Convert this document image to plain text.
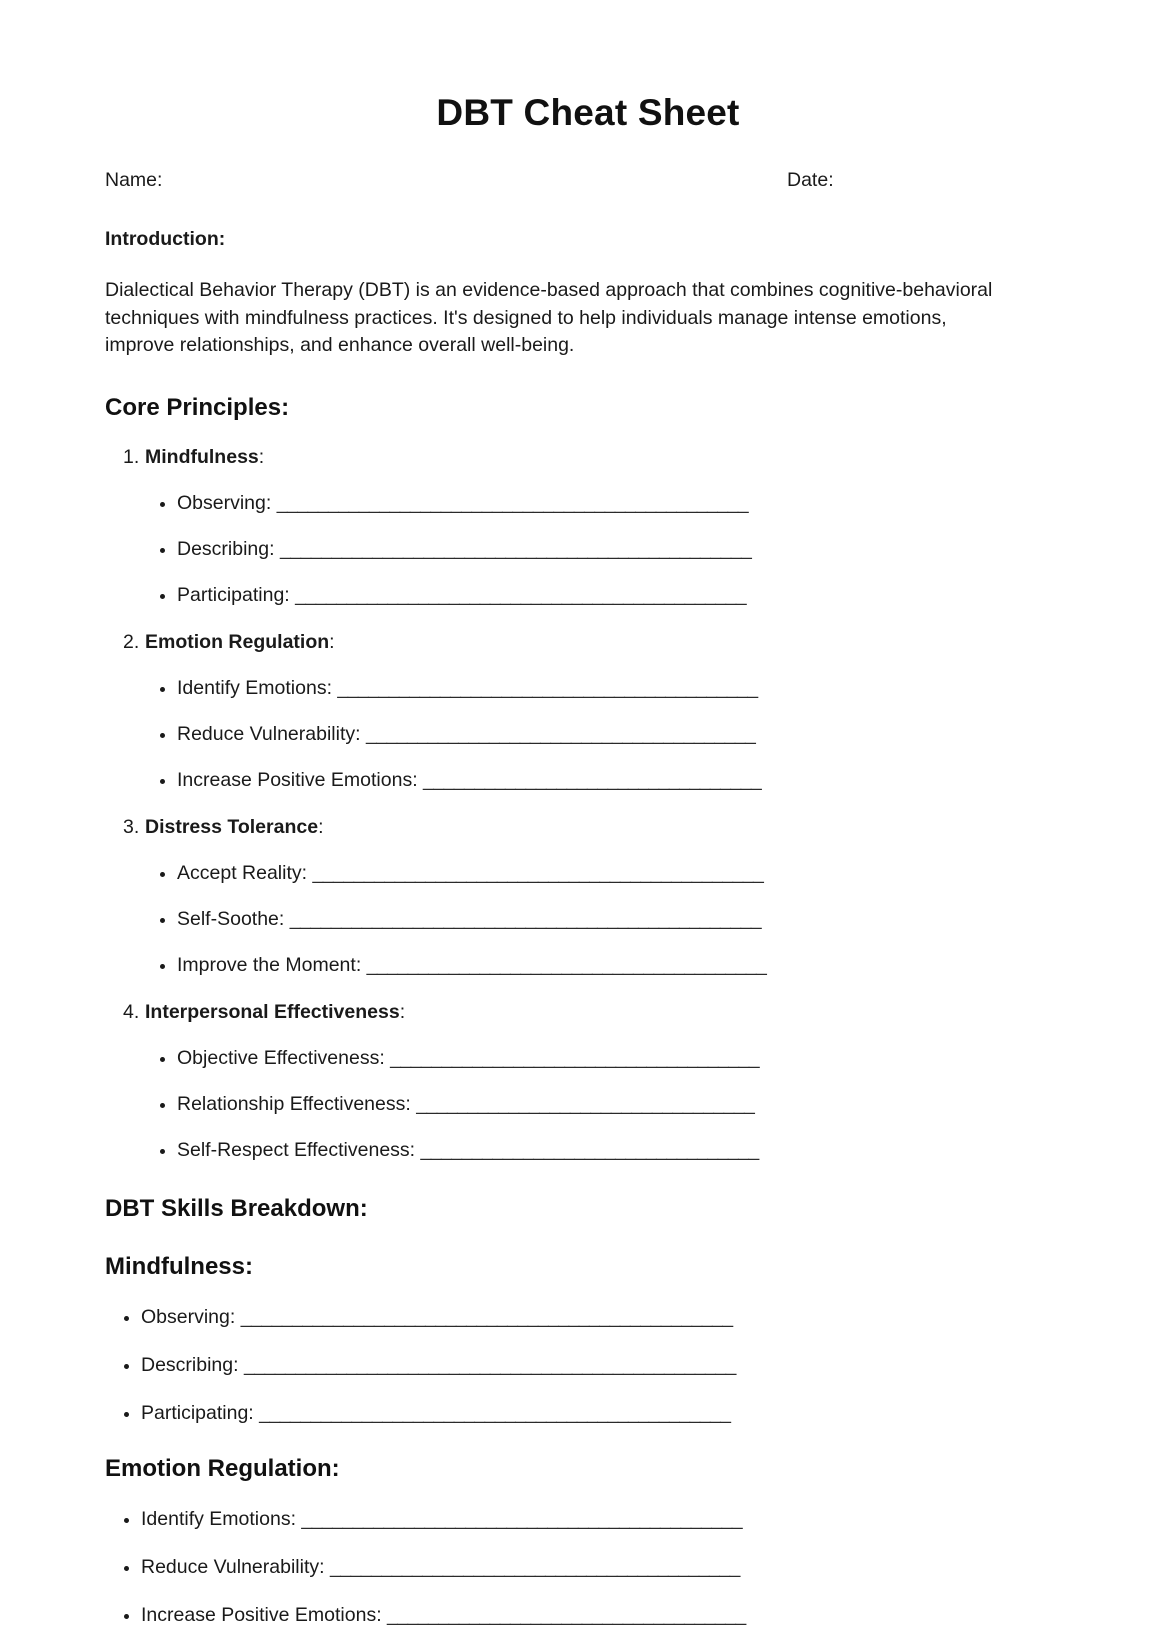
DBT Cheat Sheet
Name:	Date:
Introduction:

Dialectical Behavior Therapy (DBT) is an evidence-based approach that combines cognitive-behavioral techniques with mindfulness practices. It's designed to help individuals manage intense emotions, improve relationships, and enhance overall well-being.

Core Principles:
1. Mindfulness:
Observing: ______________________________________________
Describing: ______________________________________________
Participating: ____________________________________________
2. Emotion Regulation:
Identify Emotions: _________________________________________
Reduce Vulnerability: ______________________________________
Increase Positive Emotions: _________________________________
3. Distress Tolerance:
Accept Reality: ____________________________________________
Self-Soothe: ______________________________________________
Improve the Moment: _______________________________________
4. Interpersonal Effectiveness:
Objective Effectiveness: ____________________________________
Relationship Effectiveness: _________________________________
Self-Respect Effectiveness: _________________________________
DBT Skills Breakdown:
Mindfulness:
Observing: ________________________________________________
Describing: ________________________________________________
Participating: ______________________________________________
Emotion Regulation:
Identify Emotions: ___________________________________________
Reduce Vulnerability: ________________________________________
Increase Positive Emotions: ___________________________________
